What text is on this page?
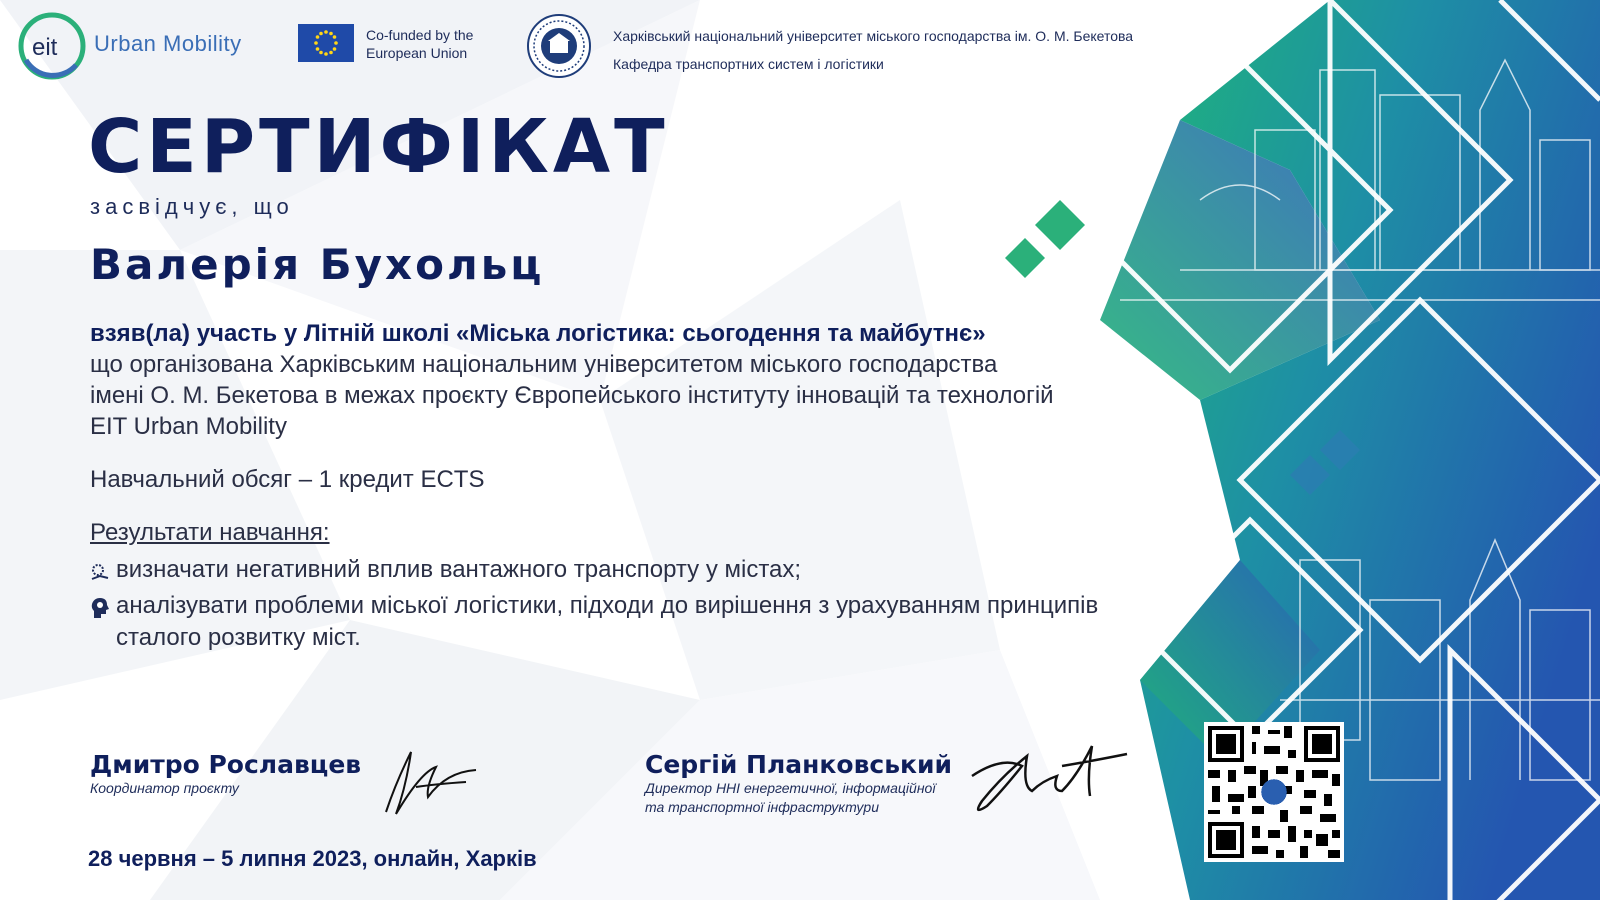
eit Urban Mobility	Co-funded by the
European Union
Харківський національний університет міського господарства ім. О. М. Бекетова
Кафедра транспортних систем і логістики
СЕРТИФІКАТ
засвідчує, що
Валерія Бухольц
взяв(ла) участь у Літній школі «Міська логістика: сьогодення та майбутнє»
що організована Харківським національним університетом міського господарства
імені О. М. Бекетова в межах проєкту Європейського інституту інновацій та технологій
EIT Urban Mobility
Навчальний обсяг – 1 кредит ECTS
Результати навчання:
визначати негативний вплив вантажного транспорту у містах;
аналізувати проблеми міської логістики, підходи до вирішення з урахуванням принципів
сталого розвитку міст.
Дмитро Рославцев
Координатор проєкту
Сергій Планковський
Директор ННІ енергетичної, інформаційної
та транспортної інфраструктури
28 червня – 5 липня 2023, онлайн, Харків
